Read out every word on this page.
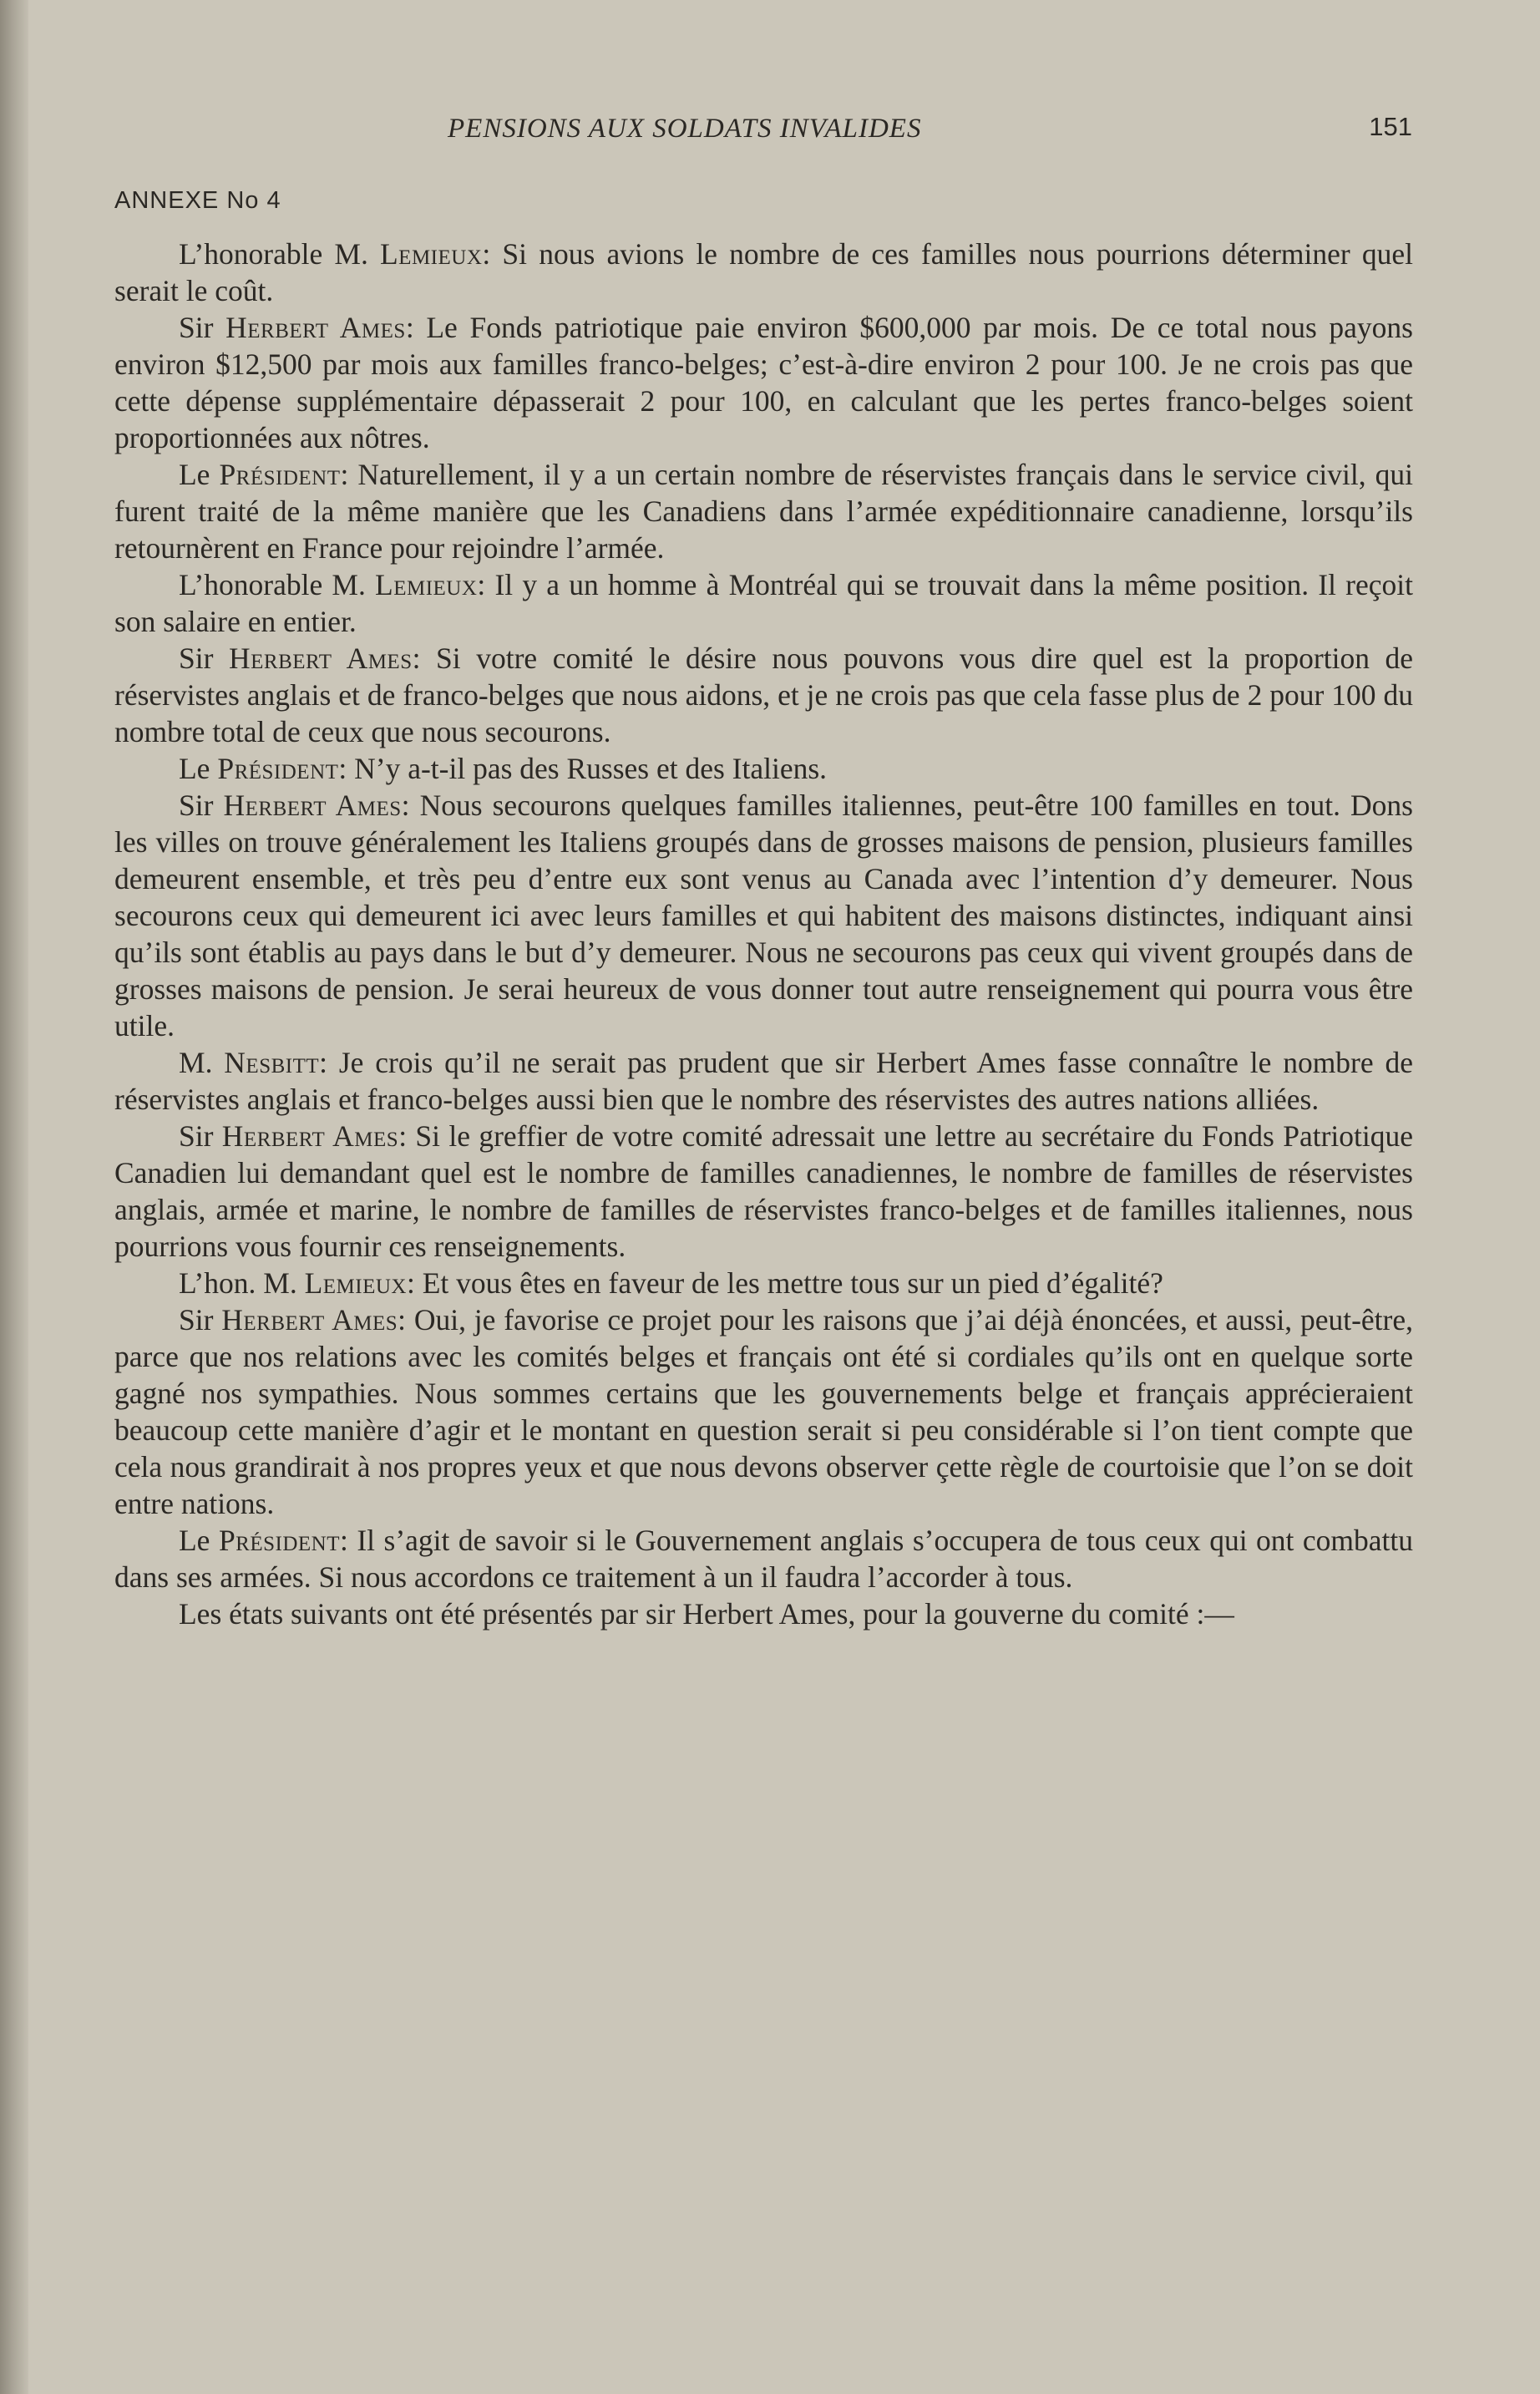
PENSIONS AUX SOLDATS INVALIDES	151
ANNEXE No 4

L’honorable M. Lemieux: Si nous avions le nombre de ces familles nous pourrions déterminer quel serait le coût.

Sir Herbert Ames: Le Fonds patriotique paie environ $600,000 par mois. De ce total nous payons environ $12,500 par mois aux familles franco-belges; c’est-à-dire environ 2 pour 100. Je ne crois pas que cette dépense supplémentaire dépasserait 2 pour 100, en calculant que les pertes franco-belges soient proportionnées aux nôtres.

Le Président: Naturellement, il y a un certain nombre de réservistes français dans le service civil, qui furent traité de la même manière que les Canadiens dans l’armée expéditionnaire canadienne, lorsqu’ils retournèrent en France pour rejoindre l’armée.

L’honorable M. Lemieux: Il y a un homme à Montréal qui se trouvait dans la même position. Il reçoit son salaire en entier.

Sir Herbert Ames: Si votre comité le désire nous pouvons vous dire quel est la proportion de réservistes anglais et de franco-belges que nous aidons, et je ne crois pas que cela fasse plus de 2 pour 100 du nombre total de ceux que nous secourons.

Le Président: N’y a-t-il pas des Russes et des Italiens.

Sir Herbert Ames: Nous secourons quelques familles italiennes, peut-être 100 familles en tout. Dons les villes on trouve généralement les Italiens groupés dans de grosses maisons de pension, plusieurs familles demeurent ensemble, et très peu d’entre eux sont venus au Canada avec l’intention d’y demeurer. Nous secourons ceux qui demeurent ici avec leurs familles et qui habitent des maisons distinctes, indiquant ainsi qu’ils sont établis au pays dans le but d’y demeurer. Nous ne secourons pas ceux qui vivent groupés dans de grosses maisons de pension. Je serai heureux de vous donner tout autre renseignement qui pourra vous être utile.

M. Nesbitt: Je crois qu’il ne serait pas prudent que sir Herbert Ames fasse connaître le nombre de réservistes anglais et franco-belges aussi bien que le nombre des réservistes des autres nations alliées.

Sir Herbert Ames: Si le greffier de votre comité adressait une lettre au secrétaire du Fonds Patriotique Canadien lui demandant quel est le nombre de familles canadiennes, le nombre de familles de réservistes anglais, armée et marine, le nombre de familles de réservistes franco-belges et de familles italiennes, nous pourrions vous fournir ces renseignements.

L’hon. M. Lemieux: Et vous êtes en faveur de les mettre tous sur un pied d’égalité?

Sir Herbert Ames: Oui, je favorise ce projet pour les raisons que j’ai déjà énoncées, et aussi, peut-être, parce que nos relations avec les comités belges et français ont été si cordiales qu’ils ont en quelque sorte gagné nos sympathies. Nous sommes certains que les gouvernements belge et français apprécieraient beaucoup cette manière d’agir et le montant en question serait si peu considérable si l’on tient compte que cela nous grandirait à nos propres yeux et que nous devons observer çette règle de courtoisie que l’on se doit entre nations.

Le Président: Il s’agit de savoir si le Gouvernement anglais s’occupera de tous ceux qui ont combattu dans ses armées. Si nous accordons ce traitement à un il faudra l’accorder à tous.

Les états suivants ont été présentés par sir Herbert Ames, pour la gouverne du comité :—
